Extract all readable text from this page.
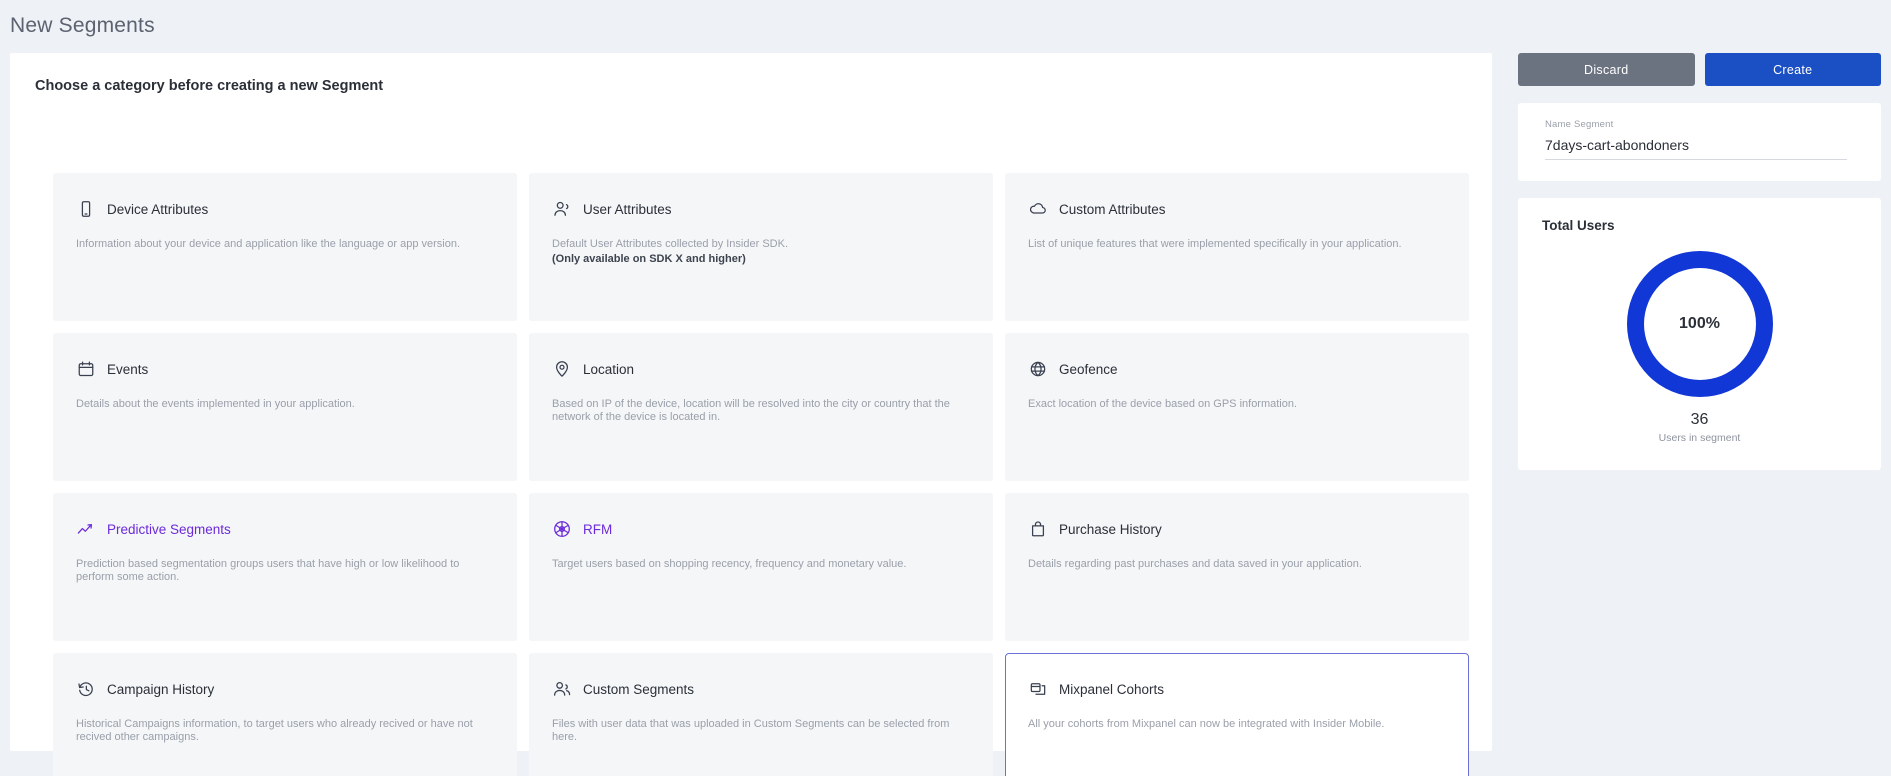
New Segments
Choose a category before creating a new Segment
Device Attributes
Information about your device and application like the language or app version.
User Attributes
Default User Attributes collected by Insider SDK.
(Only available on SDK X and higher)
Custom Attributes
List of unique features that were implemented specifically in your application.
Events
Details about the events implemented in your application.
Location
Based on IP of the device, location will be resolved into the city or country that the network of the device is located in.
Geofence
Exact location of the device based on GPS information.
Predictive Segments
Prediction based segmentation groups users that have high or low likelihood to perform some action.
RFM
Target users based on shopping recency, frequency and monetary value.
Purchase History
Details regarding past purchases and data saved in your application.
Campaign History
Historical Campaigns information, to target users who already recived or have not recived other campaigns.
Custom Segments
Files with user data that was uploaded in Custom Segments can be selected from here.
Mixpanel Cohorts
All your cohorts from Mixpanel can now be integrated with Insider Mobile.
Discard	Create
Name Segment
7days-cart-abondoners
Total Users
100%
36
Users in segment
